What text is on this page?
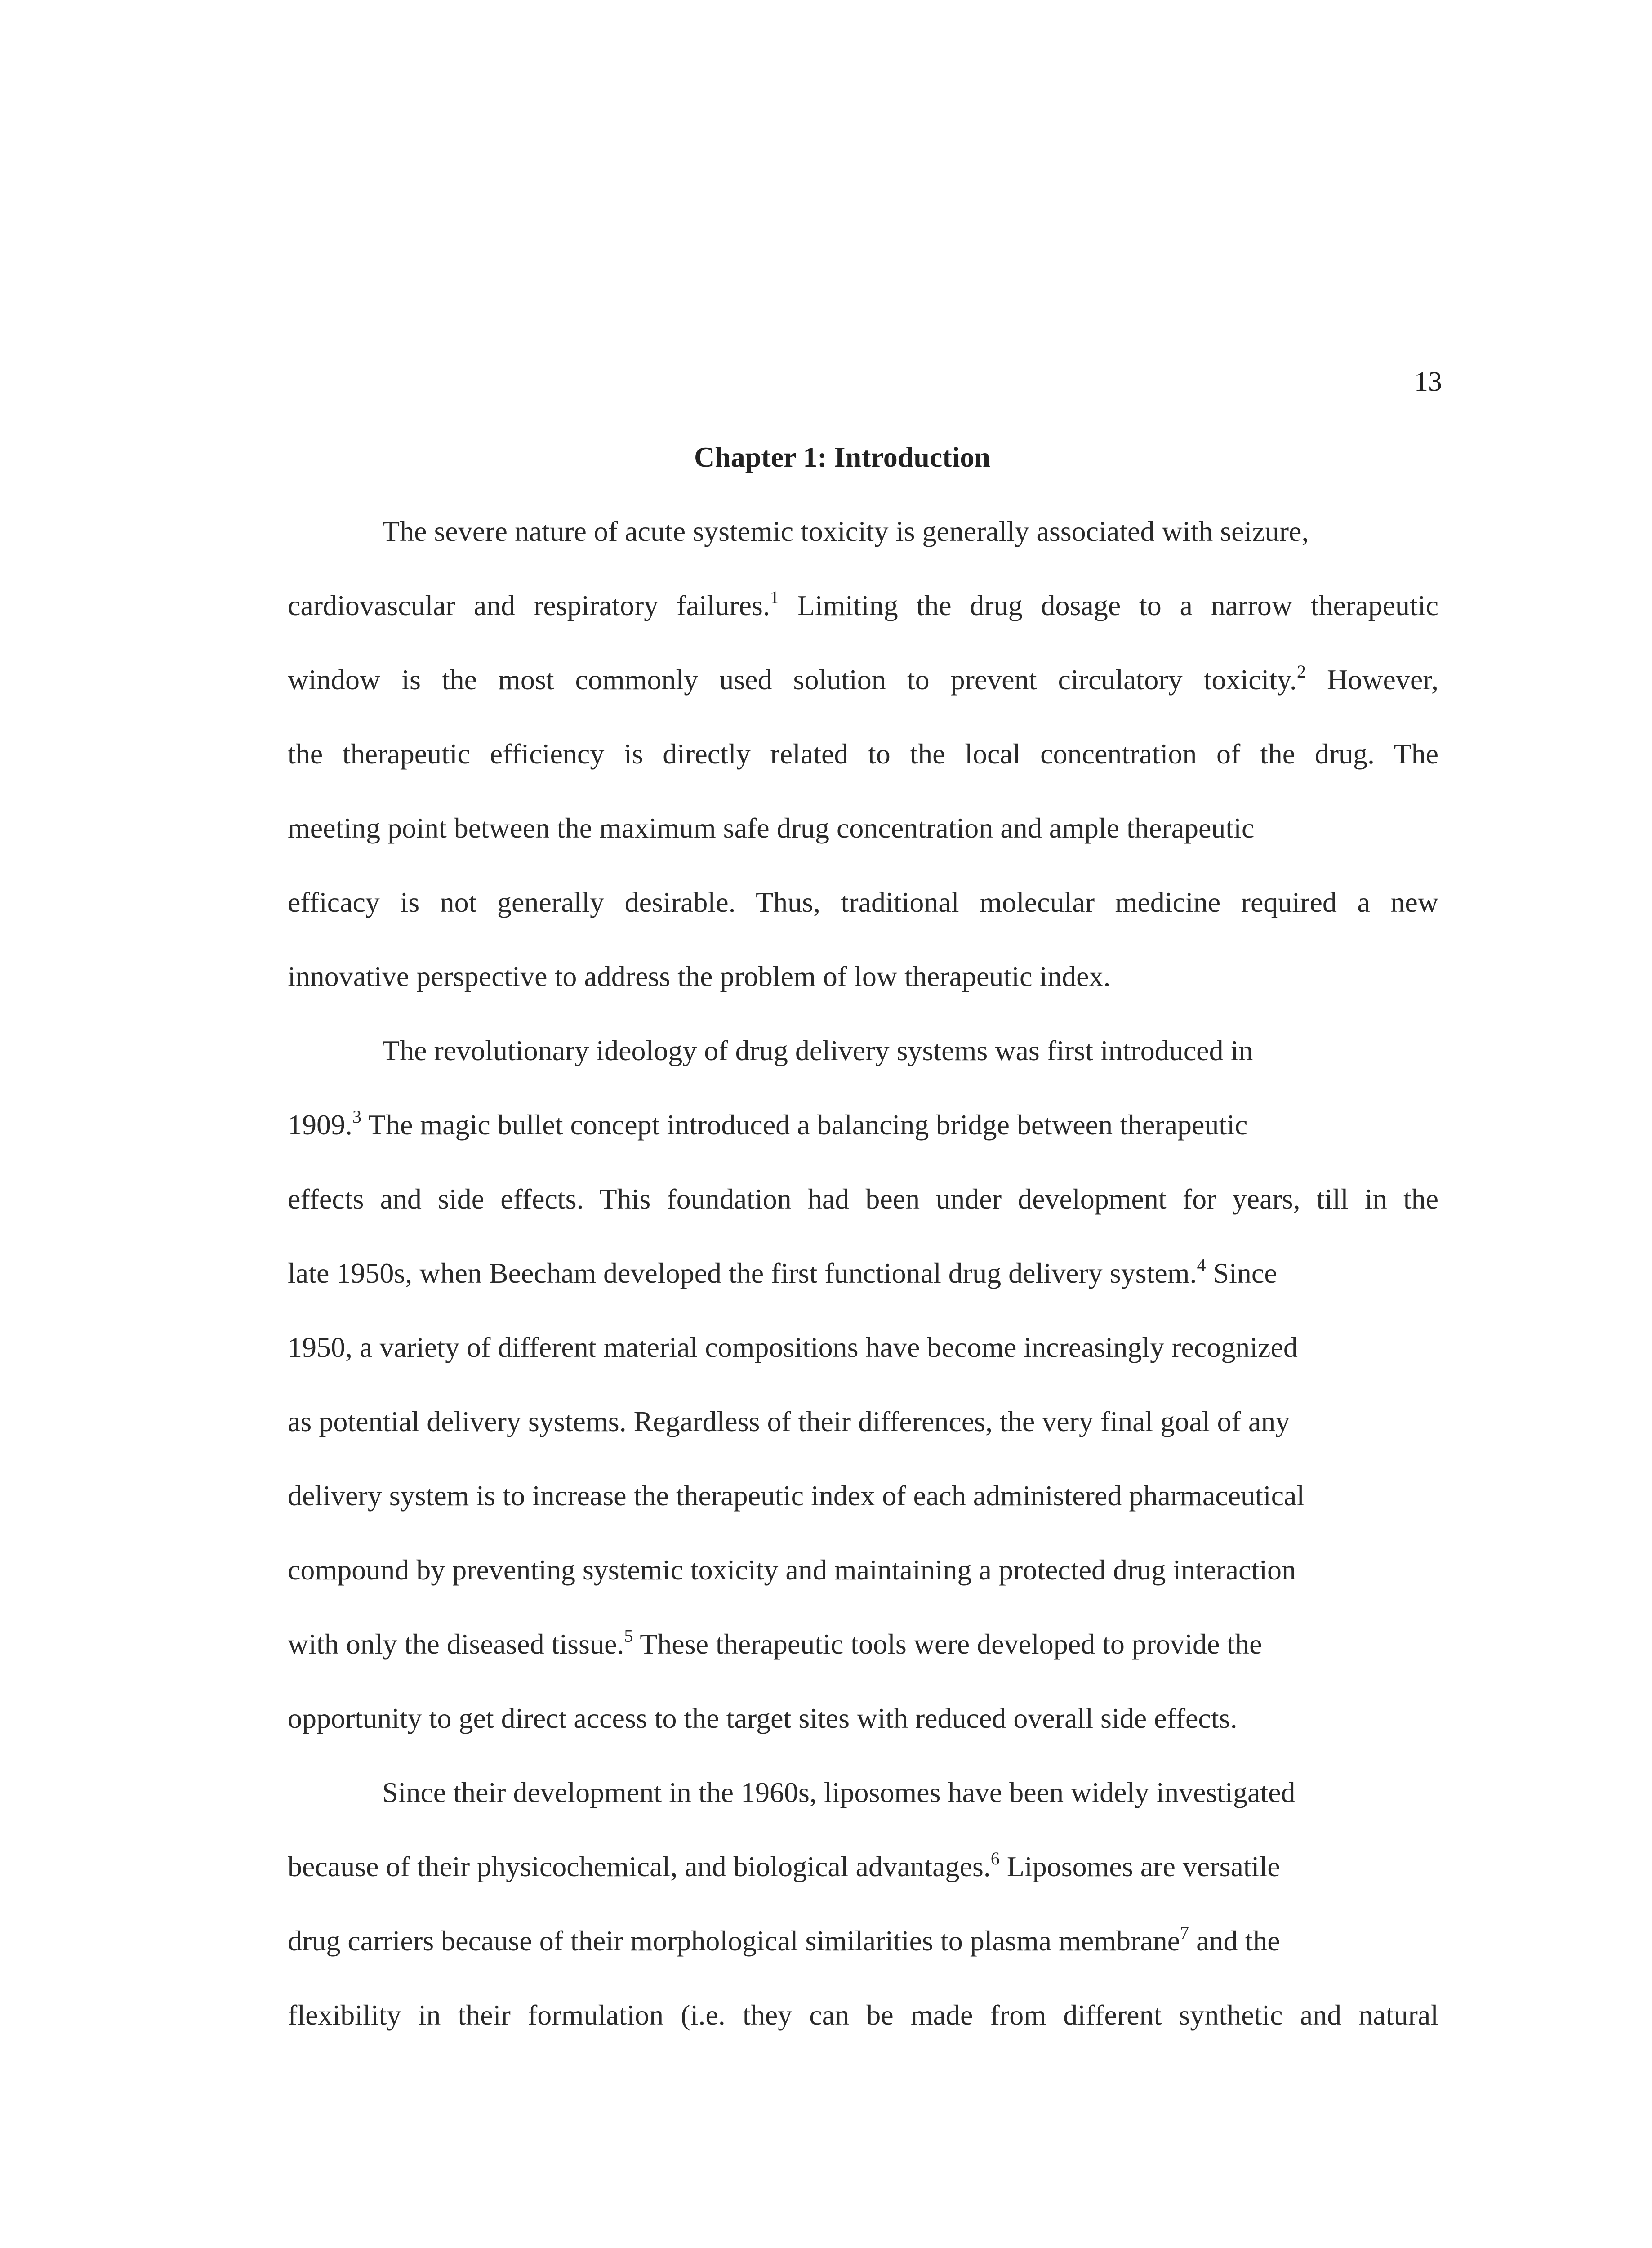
13
Chapter 1: Introduction
The severe nature of acute systemic toxicity is generally associated with seizure,
cardiovascular and respiratory failures.$^1$ Limiting the drug dosage to a narrow therapeutic
window is the most commonly used solution to prevent circulatory toxicity.$^2$ However,
the therapeutic efficiency is directly related to the local concentration of the drug. The
meeting point between the maximum safe drug concentration and ample therapeutic
efficacy is not generally desirable. Thus, traditional molecular medicine required a new
innovative perspective to address the problem of low therapeutic index.
The revolutionary ideology of drug delivery systems was first introduced in
1909.$^3$ The magic bullet concept introduced a balancing bridge between therapeutic
effects and side effects. This foundation had been under development for years, till in the
late 1950s, when Beecham developed the first functional drug delivery system.$^4$ Since
1950, a variety of different material compositions have become increasingly recognized
as potential delivery systems. Regardless of their differences, the very final goal of any
delivery system is to increase the therapeutic index of each administered pharmaceutical
compound by preventing systemic toxicity and maintaining a protected drug interaction
with only the diseased tissue.$^5$ These therapeutic tools were developed to provide the
opportunity to get direct access to the target sites with reduced overall side effects.
Since their development in the 1960s, liposomes have been widely investigated
because of their physicochemical, and biological advantages.$^6$ Liposomes are versatile
drug carriers because of their morphological similarities to plasma membrane$^7$ and the
flexibility in their formulation (i.e. they can be made from different synthetic and natural
